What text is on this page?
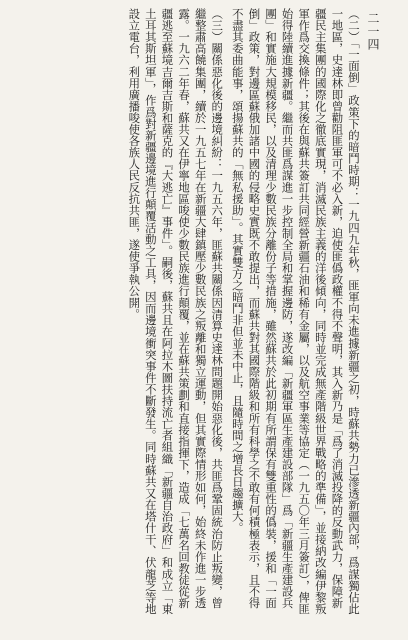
二一四

（二）「一面倒」政策下的暗鬥時期：一九四九年秋，匪軍向未進據新疆之初，時蘇共勢力已滲透新疆內部，爲謀獨佔此一地區，史達林即曾勸阻匪軍可不必入新，迫使匪僞政權不得不聲明，其入新乃是「爲了消滅投降的反動武力，保障新疆民主集團的國際化之徹底實現，消滅民族主義的洋後傾向，同時並完成無產階級世界戰略的準備」，並接納改編伊黎叛軍作爲交換條件；其後在與蘇共簽訂共同經營新疆石油和稀有金屬，以及航空事業等協定（一九五〇年三月簽訂），俾匪始得陸續進據新疆。繼而共匪爲謀進一步控制全局和掌握邊防，遂改編「新疆軍區生產建設部隊」爲「新疆生產建設兵團」和實施大規模移民，以及清理少數民族分離份子等措施，雖然蘇共於此初期有所謂保有雙重性的僞裝，援和「一面倒」政策，對邊區蘇俄加諸中國的侵略史實既不敢提出，而蘇共對其國際階級和所有科學之不敢有何積極表示，且不得不盡其委曲能事，頌揚蘇共的「無私援助」。其實雙方之暗鬥非但並未中止，且隨時間之增長日趨擴大。

（三）關係惡化後的邊境糾紛：一九五六年，匪蘇共關係因清算史達林問題開始惡化後，共匪爲鞏固統治防止叛變，曾繼整肅高饒集團，續於一九五七年在新疆大肆鎮壓少數民族之叛離和獨立運動，但其實際情形如何，始終未作進一步透露。一九六二年春，蘇共又在伊寧地區唆使少數民族進行顛覆，並在蘇共策劃和直接指揮下，造成「七萬名回教徒從新疆逃至蘇境吉爾吉斯和薩克的『大逃亡』事件」。嗣後，蘇共且在阿拉木圖扶持流亡者組織「新疆自治政府」和成立「東土耳其斯坦軍」，作爲對新疆邊境進行顛覆活動之工具，因而邊境衝突事件不斷發生。同時蘇共又在塔什干、伏龍芝等地設立電台，利用廣播唆使各族人民反抗共匪，遂使爭執公開。
